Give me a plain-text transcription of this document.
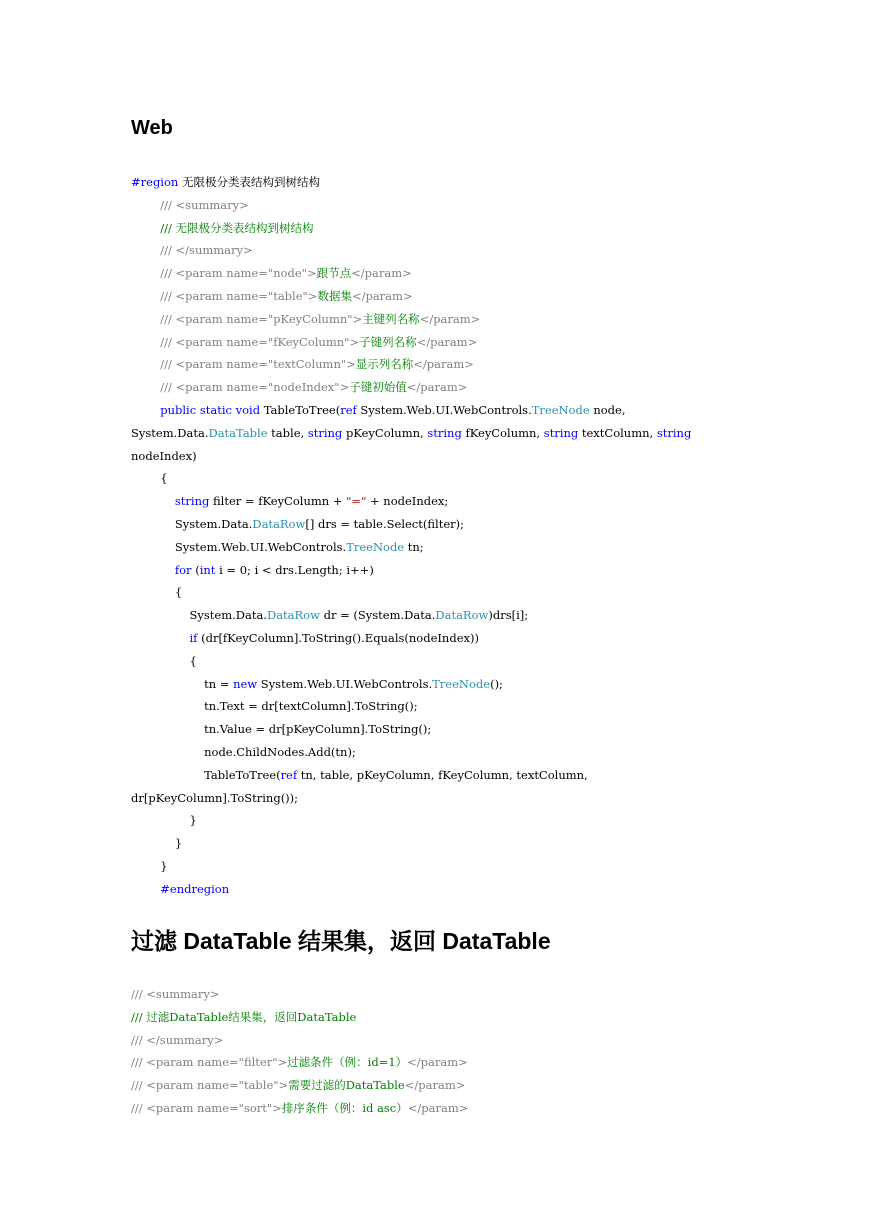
Web
#region 无限极分类表结构到树结构
/// <summary>
/// 无限极分类表结构到树结构
/// </summary>
/// <param name="node">跟节点</param>
/// <param name="table">数据集</param>
/// <param name="pKeyColumn">主键列名称</param>
/// <param name="fKeyColumn">子键列名称</param>
/// <param name="textColumn">显示列名称</param>
/// <param name="nodeIndex">子键初始值</param>
public static void TableToTree(ref System.Web.UI.WebControls.TreeNode node,
System.Data.DataTable table, string pKeyColumn, string fKeyColumn, string textColumn, string
nodeIndex)
{
string filter = fKeyColumn + "=" + nodeIndex;
System.Data.DataRow[] drs = table.Select(filter);
System.Web.UI.WebControls.TreeNode tn;
for (int i = 0; i < drs.Length; i++)
{
System.Data.DataRow dr = (System.Data.DataRow)drs[i];
if (dr[fKeyColumn].ToString().Equals(nodeIndex))
{
tn = new System.Web.UI.WebControls.TreeNode();
tn.Text = dr[textColumn].ToString();
tn.Value = dr[pKeyColumn].ToString();
node.ChildNodes.Add(tn);
TableToTree(ref tn, table, pKeyColumn, fKeyColumn, textColumn,
dr[pKeyColumn].ToString());
}
}
}
#endregion
过滤 DataTable 结果集，返回 DataTable
/// <summary>
/// 过滤DataTable结果集，返回DataTable
/// </summary>
/// <param name="filter">过滤条件（例：id=1）</param>
/// <param name="table">需要过滤的DataTable</param>
/// <param name="sort">排序条件（例：id asc）</param>
